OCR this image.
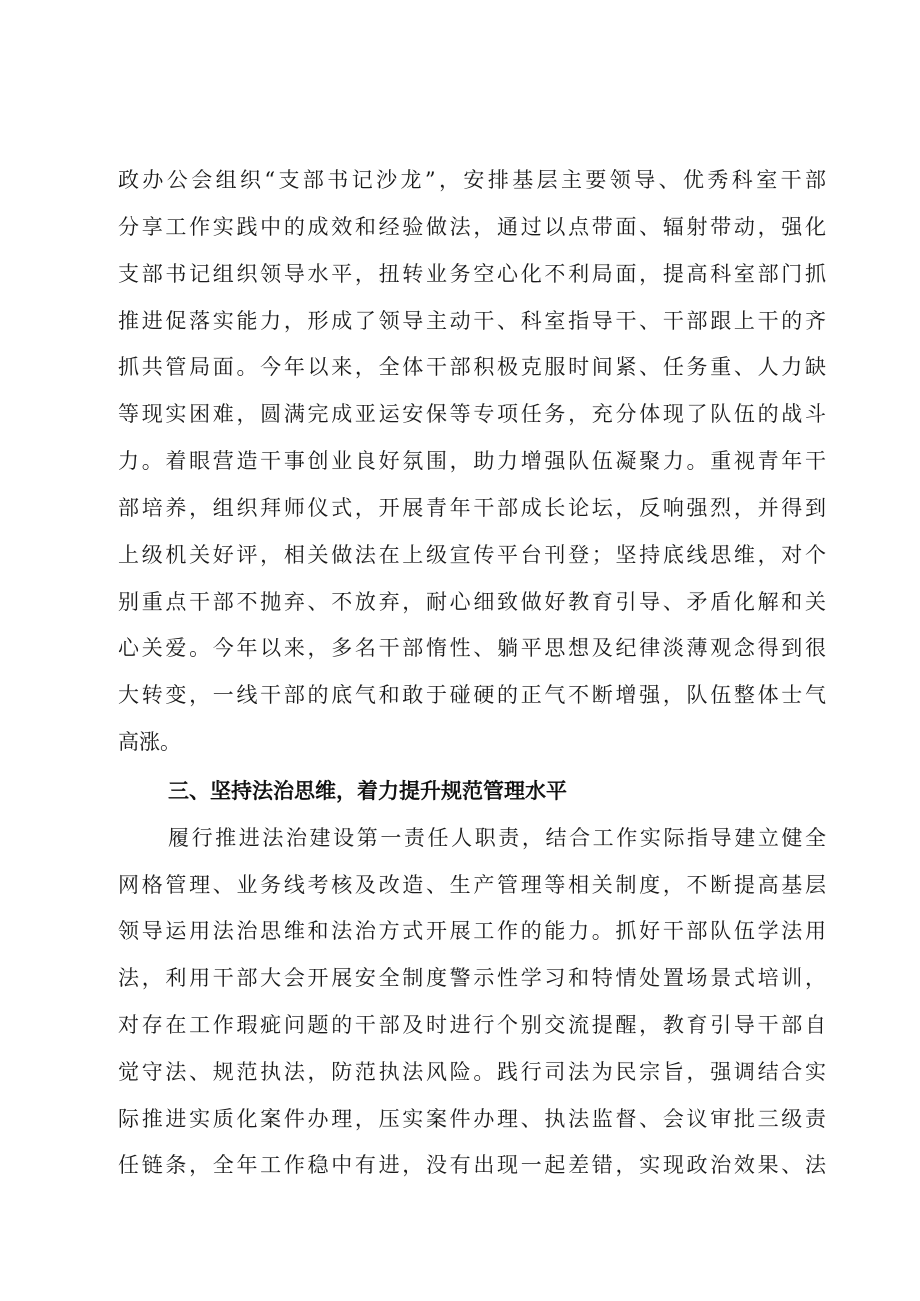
政办公会组织“支部书记沙龙”，安排基层主要领导、优秀科室干部
分享工作实践中的成效和经验做法，通过以点带面、辐射带动，强化
支部书记组织领导水平，扭转业务空心化不利局面，提高科室部门抓
推进促落实能力，形成了领导主动干、科室指导干、干部跟上干的齐
抓共管局面。今年以来，全体干部积极克服时间紧、任务重、人力缺
等现实困难，圆满完成亚运安保等专项任务，充分体现了队伍的战斗
力。着眼营造干事创业良好氛围，助力增强队伍凝聚力。重视青年干
部培养，组织拜师仪式，开展青年干部成长论坛，反响强烈，并得到
上级机关好评，相关做法在上级宣传平台刊登；坚持底线思维，对个
别重点干部不抛弃、不放弃，耐心细致做好教育引导、矛盾化解和关
心关爱。今年以来，多名干部惰性、躺平思想及纪律淡薄观念得到很
大转变，一线干部的底气和敢于碰硬的正气不断增强，队伍整体士气
高涨。
三、坚持法治思维，着力提升规范管理水平
履行推进法治建设第一责任人职责，结合工作实际指导建立健全
网格管理、业务线考核及改造、生产管理等相关制度，不断提高基层
领导运用法治思维和法治方式开展工作的能力。抓好干部队伍学法用
法，利用干部大会开展安全制度警示性学习和特情处置场景式培训，
对存在工作瑕疵问题的干部及时进行个别交流提醒，教育引导干部自
觉守法、规范执法，防范执法风险。践行司法为民宗旨，强调结合实
际推进实质化案件办理，压实案件办理、执法监督、会议审批三级责
任链条，全年工作稳中有进，没有出现一起差错，实现政治效果、法
